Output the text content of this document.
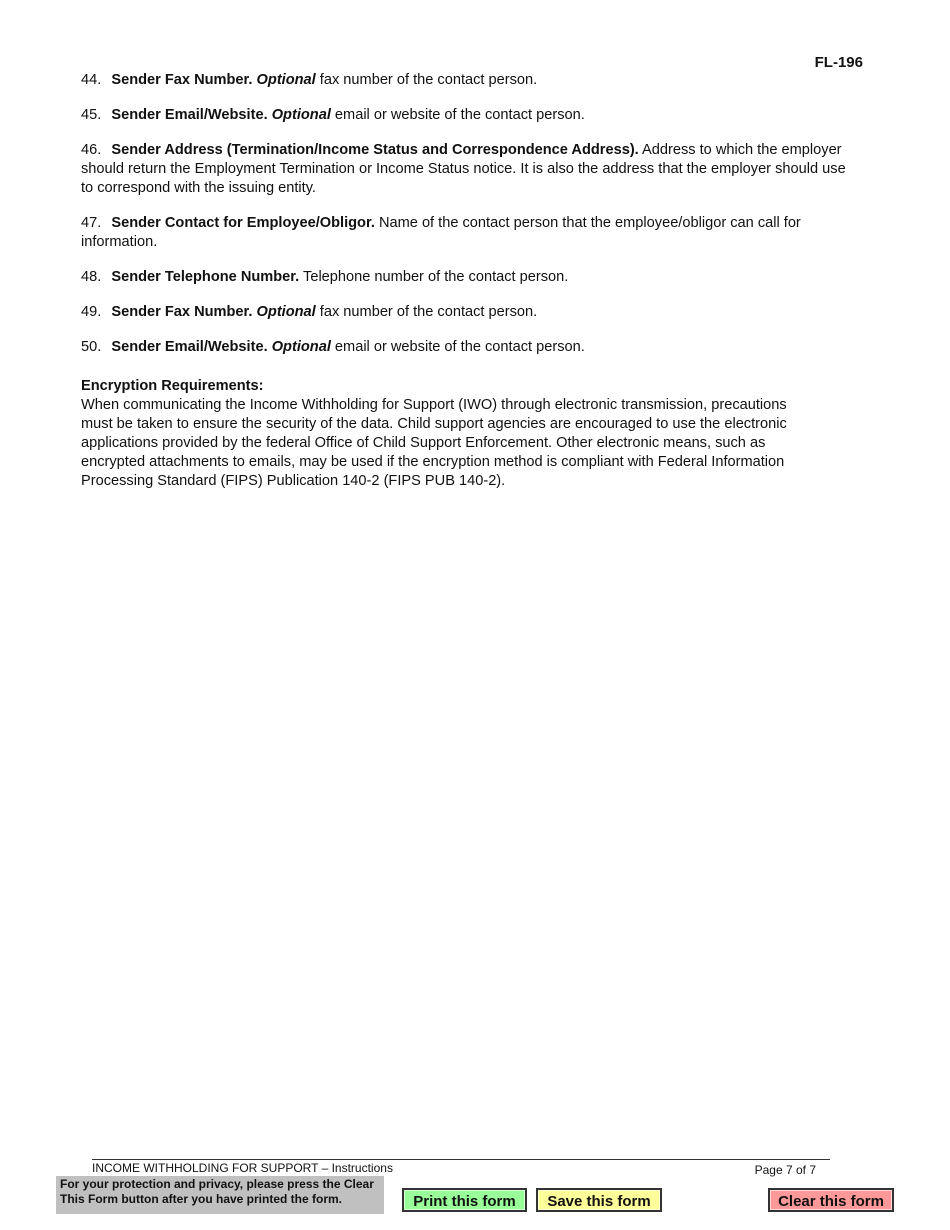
FL-196
44. Sender Fax Number. Optional fax number of the contact person.
45. Sender Email/Website. Optional email or website of the contact person.
46. Sender Address (Termination/Income Status and Correspondence Address). Address to which the employer should return the Employment Termination or Income Status notice. It is also the address that the employer should use to correspond with the issuing entity.
47. Sender Contact for Employee/Obligor. Name of the contact person that the employee/obligor can call for information.
48. Sender Telephone Number. Telephone number of the contact person.
49. Sender Fax Number. Optional fax number of the contact person.
50. Sender Email/Website. Optional email or website of the contact person.
Encryption Requirements:
When communicating the Income Withholding for Support (IWO) through electronic transmission, precautions must be taken to ensure the security of the data. Child support agencies are encouraged to use the electronic applications provided by the federal Office of Child Support Enforcement. Other electronic means, such as encrypted attachments to emails, may be used if the encryption method is compliant with Federal Information Processing Standard (FIPS) Publication 140-2 (FIPS PUB 140-2).
INCOME WITHHOLDING FOR SUPPORT – Instructions	Page 7 of 7
For your protection and privacy, please press the Clear This Form button after you have printed the form.	Print this form	Save this form	Clear this form
